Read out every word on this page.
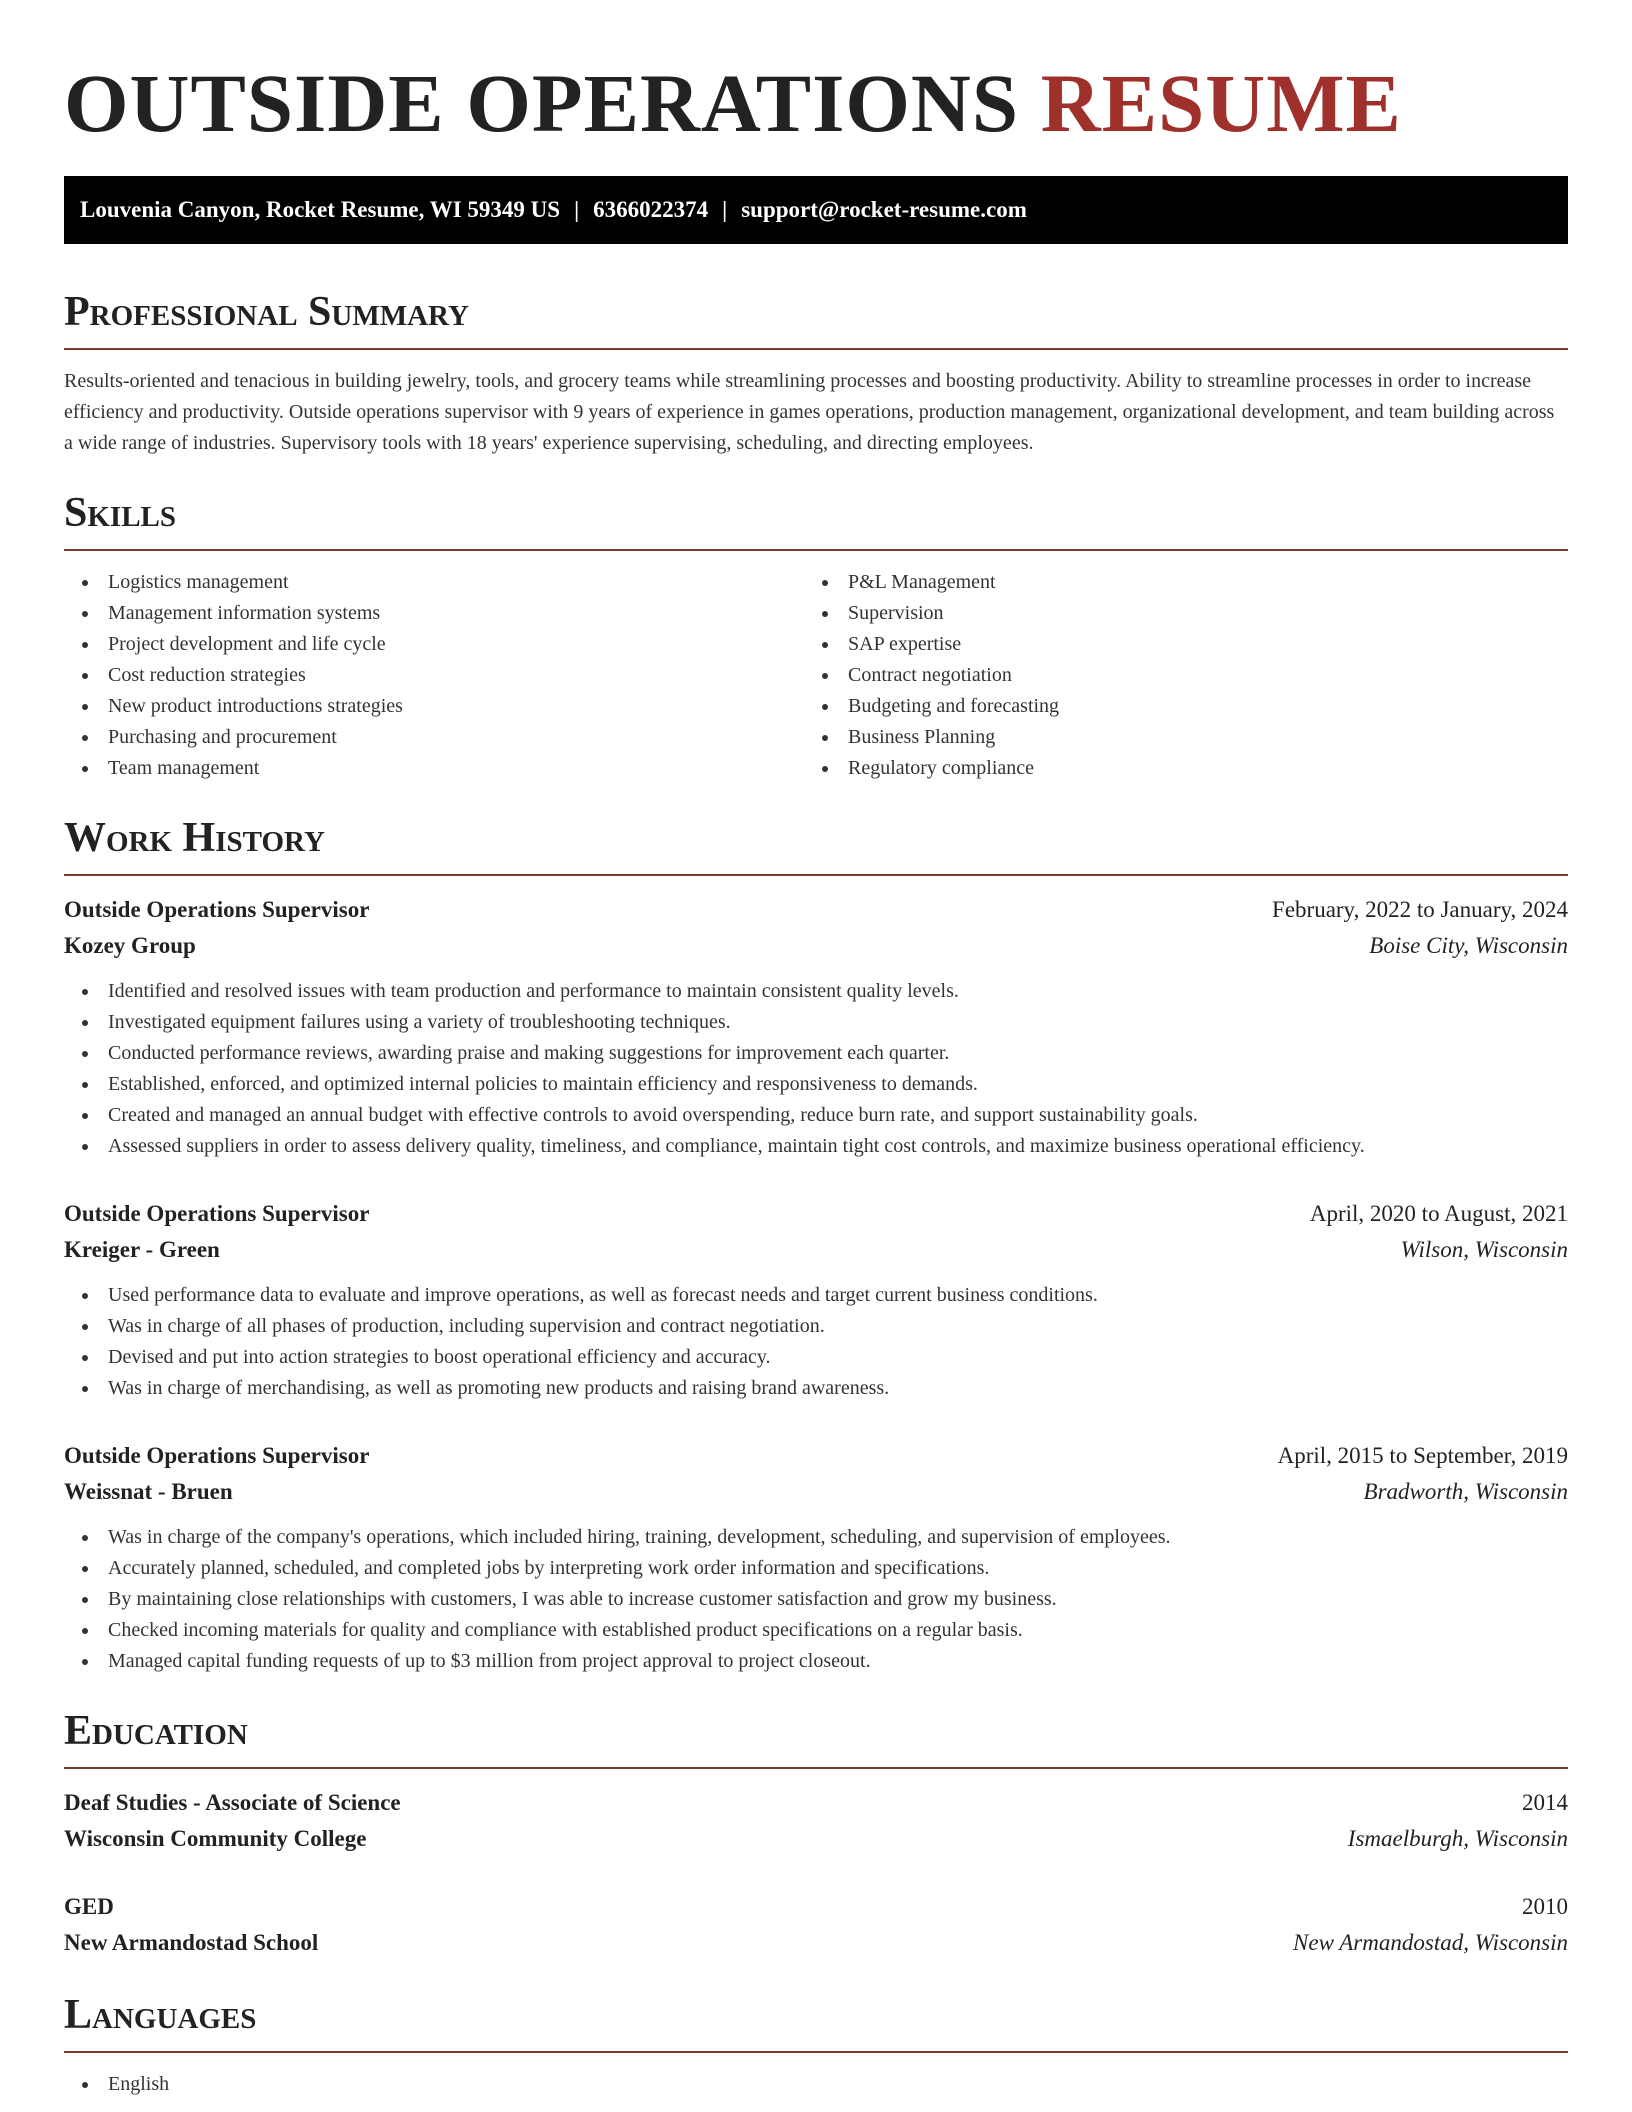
OUTSIDE OPERATIONS RESUME
Louvenia Canyon, Rocket Resume, WI 59349 US | 6366022374 | support@rocket-resume.com
Professional Summary

Results-oriented and tenacious in building jewelry, tools, and grocery teams while streamlining processes and boosting productivity. Ability to streamline processes in order to increase efficiency and productivity. Outside operations supervisor with 9 years of experience in games operations, production management, organizational development, and team building across a wide range of industries. Supervisory tools with 18 years' experience supervising, scheduling, and directing employees.

Skills
Logistics management
Management information systems
Project development and life cycle
Cost reduction strategies
New product introductions strategies
Purchasing and procurement
Team management
P&L Management
Supervision
SAP expertise
Contract negotiation
Budgeting and forecasting
Business Planning
Regulatory compliance
Work History
Outside Operations Supervisor	February, 2022 to January, 2024
Kozey Group	Boise City, Wisconsin
Identified and resolved issues with team production and performance to maintain consistent quality levels.
Investigated equipment failures using a variety of troubleshooting techniques.
Conducted performance reviews, awarding praise and making suggestions for improvement each quarter.
Established, enforced, and optimized internal policies to maintain efficiency and responsiveness to demands.
Created and managed an annual budget with effective controls to avoid overspending, reduce burn rate, and support sustainability goals.
Assessed suppliers in order to assess delivery quality, timeliness, and compliance, maintain tight cost controls, and maximize business operational efficiency.
Outside Operations Supervisor	April, 2020 to August, 2021
Kreiger - Green	Wilson, Wisconsin
Used performance data to evaluate and improve operations, as well as forecast needs and target current business conditions.
Was in charge of all phases of production, including supervision and contract negotiation.
Devised and put into action strategies to boost operational efficiency and accuracy.
Was in charge of merchandising, as well as promoting new products and raising brand awareness.
Outside Operations Supervisor	April, 2015 to September, 2019
Weissnat - Bruen	Bradworth, Wisconsin
Was in charge of the company's operations, which included hiring, training, development, scheduling, and supervision of employees.
Accurately planned, scheduled, and completed jobs by interpreting work order information and specifications.
By maintaining close relationships with customers, I was able to increase customer satisfaction and grow my business.
Checked incoming materials for quality and compliance with established product specifications on a regular basis.
Managed capital funding requests of up to $3 million from project approval to project closeout.
Education
Deaf Studies - Associate of Science	2014
Wisconsin Community College	Ismaelburgh, Wisconsin
GED	2010
New Armandostad School	New Armandostad, Wisconsin
Languages
English
